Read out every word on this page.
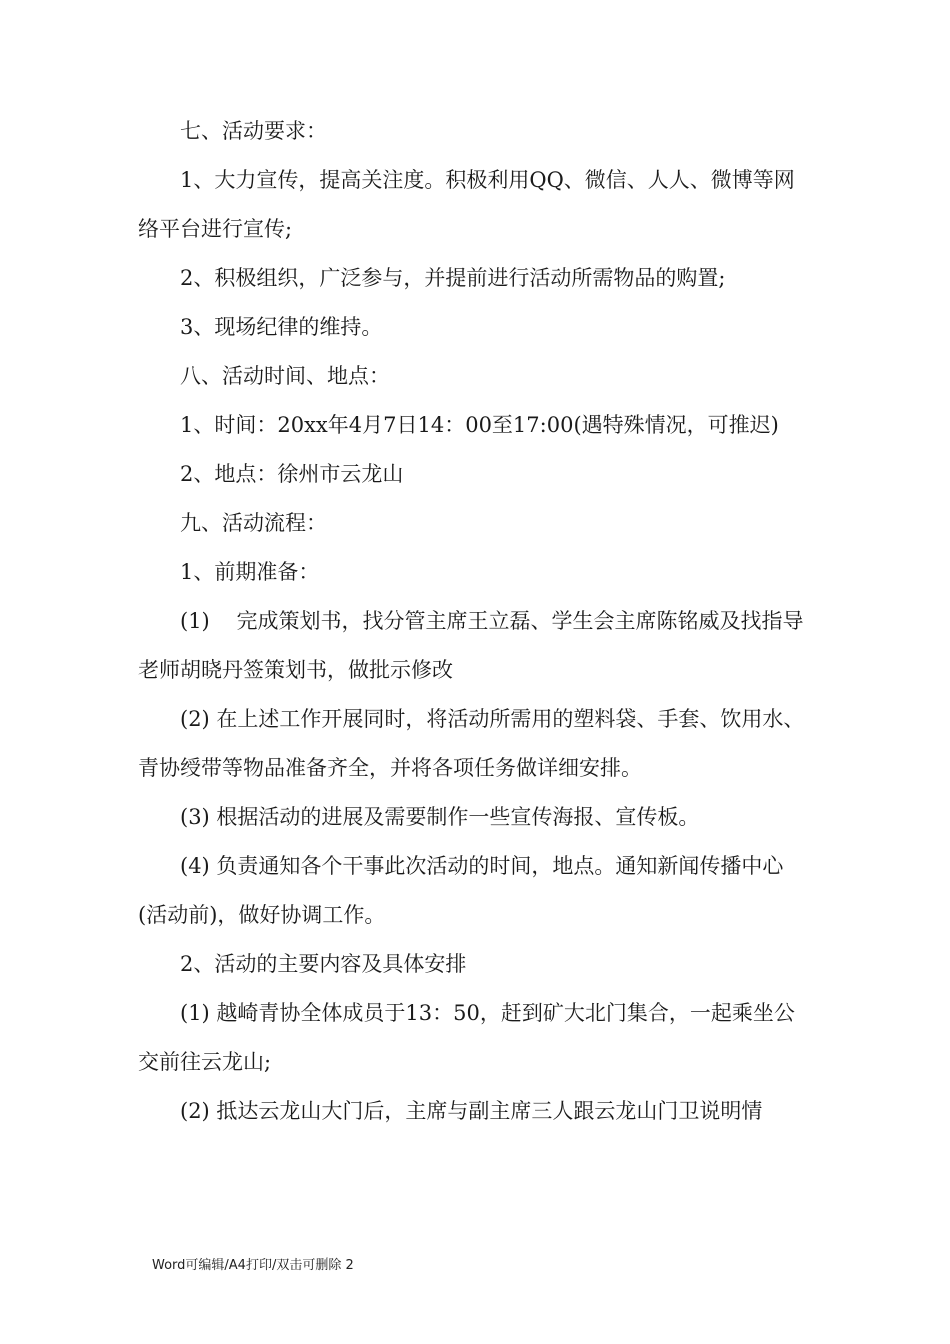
七、活动要求：

1、大力宣传，提高关注度。积极利用QQ、微信、人人、微博等网络平台进行宣传;

2、积极组织，广泛参与，并提前进行活动所需物品的购置;

3、现场纪律的维持。

八、活动时间、地点：

1、时间：20xx年4月7日14：00至17:00(遇特殊情况，可推迟)

2、地点：徐州市云龙山

九、活动流程：

1、前期准备：

(1)    完成策划书，找分管主席王立磊、学生会主席陈铭威及找指导老师胡晓丹签策划书，做批示修改

(2) 在上述工作开展同时，将活动所需用的塑料袋、手套、饮用水、青协绶带等物品准备齐全，并将各项任务做详细安排。

(3) 根据活动的进展及需要制作一些宣传海报、宣传板。

(4) 负责通知各个干事此次活动的时间，地点。通知新闻传播中心(活动前)，做好协调工作。

2、活动的主要内容及具体安排

(1) 越崎青协全体成员于13：50，赶到矿大北门集合，一起乘坐公交前往云龙山;

(2) 抵达云龙山大门后，主席与副主席三人跟云龙山门卫说明情

Word可编辑/A4打印/双击可删除 2
